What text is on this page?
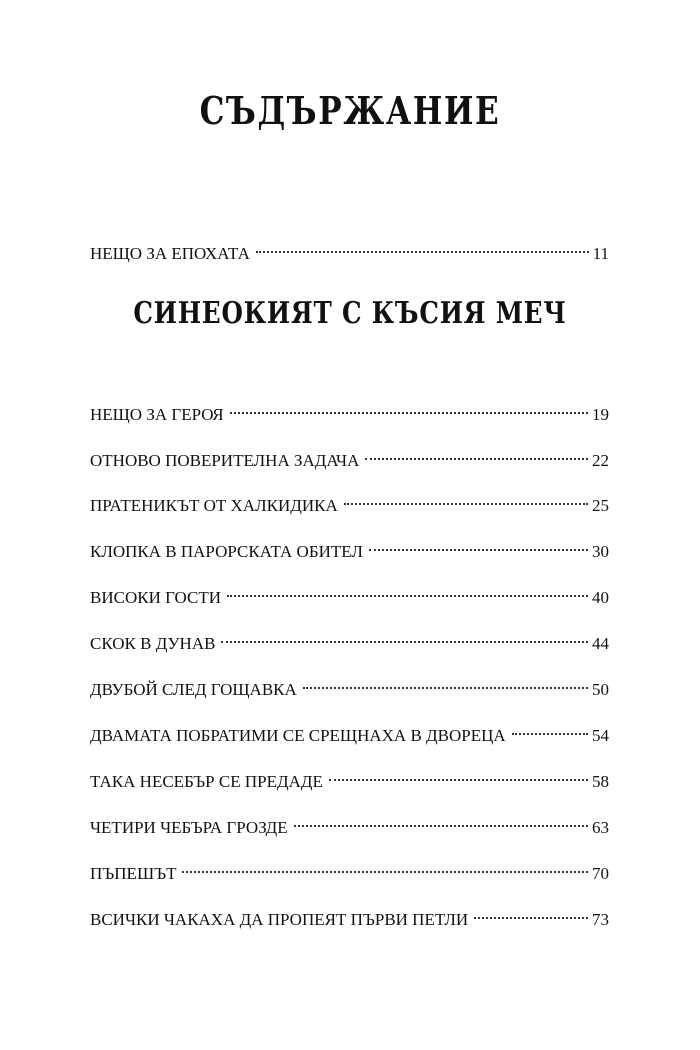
СЪДЪРЖАНИЕ
НЕЩО ЗА ЕПОХАТА	11
СИНЕОКИЯТ С КЪСИЯ МЕЧ
НЕЩО ЗА ГЕРОЯ	19
ОТНОВО ПОВЕРИТЕЛНА ЗАДАЧА	22
ПРАТЕНИКЪТ ОТ ХАЛКИДИКА	25
КЛОПКА В ПАРОРСКАТА ОБИТЕЛ	30
ВИСОКИ ГОСТИ	40
СКОК В ДУНАВ	44
ДВУБОЙ СЛЕД ГОЩАВКА	50
ДВАМАТА ПОБРАТИМИ СЕ СРЕЩНАХА В ДВОРЕЦА	54
ТАКА НЕСЕБЪР СЕ ПРЕДАДЕ	58
ЧЕТИРИ ЧЕБЪРА ГРОЗДЕ	63
ПЪПЕШЪТ	70
ВСИЧКИ ЧАКАХА ДА ПРОПЕЯТ ПЪРВИ ПЕТЛИ	73
